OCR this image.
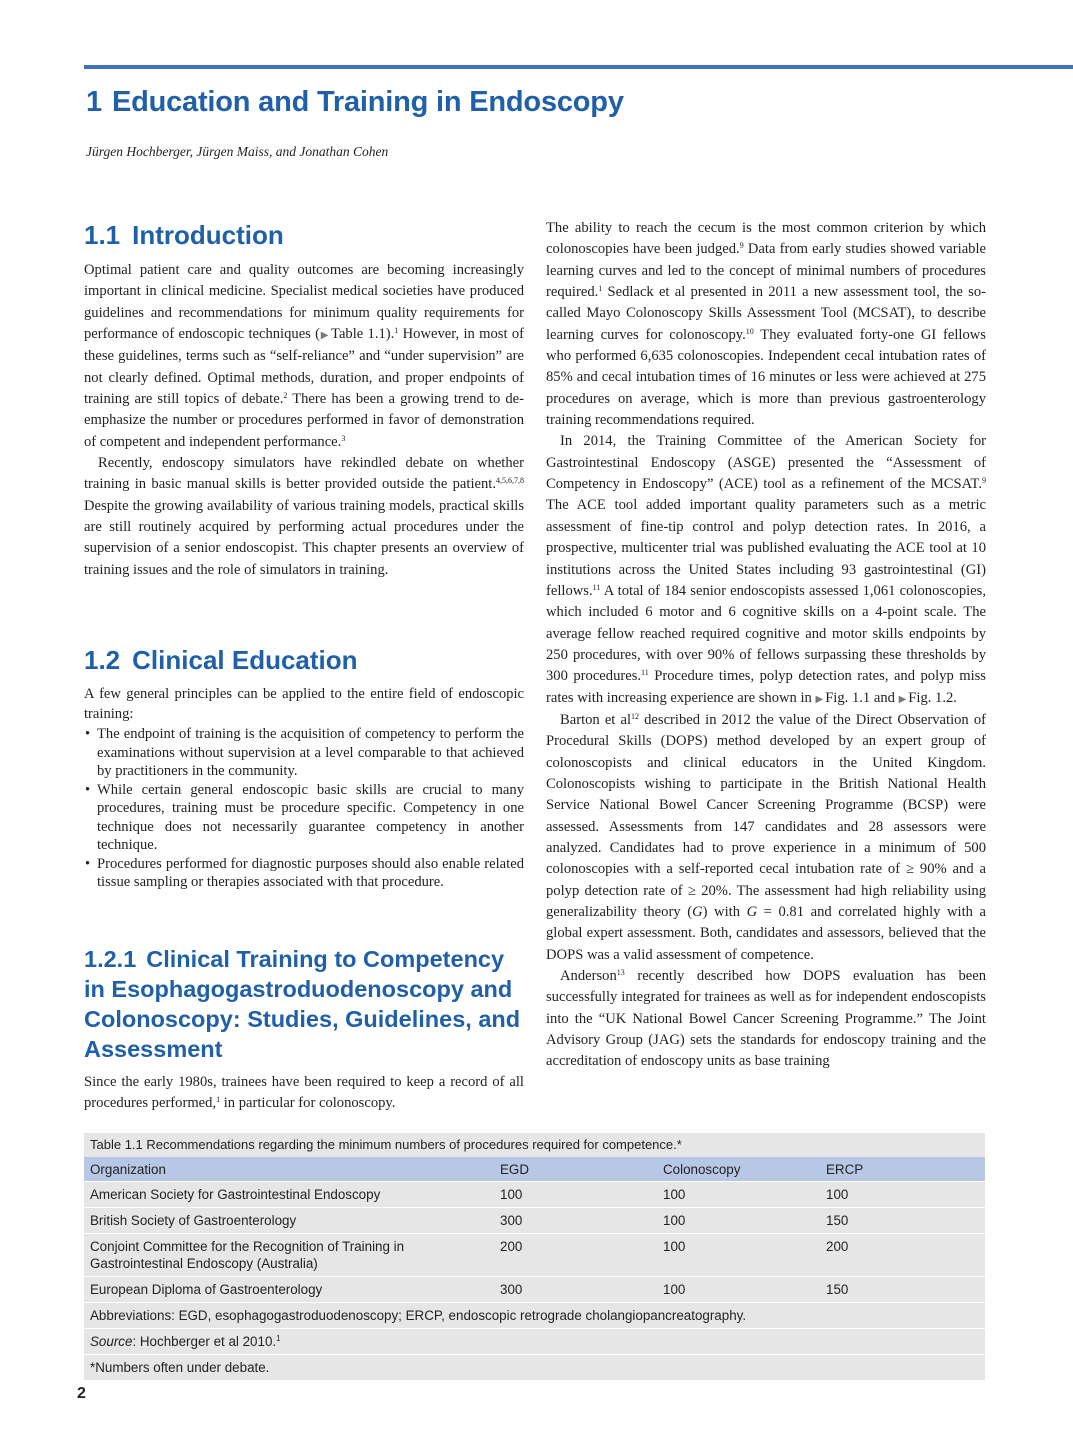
1 Education and Training in Endoscopy
Jürgen Hochberger, Jürgen Maiss, and Jonathan Cohen
1.1 Introduction

Optimal patient care and quality outcomes are becoming increasingly important in clinical medicine. Specialist medical societies have produced guidelines and recommendations for minimum quality requirements for performance of endoscopic techniques (▶ Table 1.1).$^1$ However, in most of these guidelines, terms such as “self-reliance” and “under supervision” are not clearly defined. Optimal methods, duration, and proper endpoints of training are still topics of debate.$^2$ There has been a growing trend to de-emphasize the number or procedures performed in favor of demonstration of competent and independent performance.$^3$

Recently, endoscopy simulators have rekindled debate on whether training in basic manual skills is better provided outside the patient.$^{4,5,6,7,8}$ Despite the growing availability of various training models, practical skills are still routinely acquired by performing actual procedures under the supervision of a senior endoscopist. This chapter presents an overview of training issues and the role of simulators in training.

1.2 Clinical Education

A few general principles can be applied to the entire field of endoscopic training:

• The endpoint of training is the acquisition of competency to perform the examinations without supervision at a level comparable to that achieved by practitioners in the community.
• While certain general endoscopic basic skills are crucial to many procedures, training must be procedure specific. Competency in one technique does not necessarily guarantee competency in another technique.
• Procedures performed for diagnostic purposes should also enable related tissue sampling or therapies associated with that procedure.
1.2.1 Clinical Training to Competency in Esophagogastroduodenoscopy and Colonoscopy: Studies, Guidelines, and Assessment

Since the early 1980s, trainees have been required to keep a record of all procedures performed,$^1$ in particular for colonoscopy.

The ability to reach the cecum is the most common criterion by which colonoscopies have been judged.$^9$ Data from early studies showed variable learning curves and led to the concept of minimal numbers of procedures required.$^1$ Sedlack et al presented in 2011 a new assessment tool, the so-called Mayo Colonoscopy Skills Assessment Tool (MCSAT), to describe learning curves for colonoscopy.$^{10}$ They evaluated forty-one GI fellows who performed 6,635 colonoscopies. Independent cecal intubation rates of 85% and cecal intubation times of 16 minutes or less were achieved at 275 procedures on average, which is more than previous gastroenterology training recommendations required.

In 2014, the Training Committee of the American Society for Gastrointestinal Endoscopy (ASGE) presented the “Assessment of Competency in Endoscopy” (ACE) tool as a refinement of the MCSAT.$^9$ The ACE tool added important quality parameters such as a metric assessment of fine-tip control and polyp detection rates. In 2016, a prospective, multicenter trial was published evaluating the ACE tool at 10 institutions across the United States including 93 gastrointestinal (GI) fellows.$^{11}$ A total of 184 senior endoscopists assessed 1,061 colonoscopies, which included 6 motor and 6 cognitive skills on a 4-point scale. The average fellow reached required cognitive and motor skills endpoints by 250 procedures, with over 90% of fellows surpassing these thresholds by 300 procedures.$^{11}$ Procedure times, polyp detection rates, and polyp miss rates with increasing experience are shown in ▶ Fig. 1.1 and ▶ Fig. 1.2.

Barton et $al^{12}$ described in 2012 the value of the Direct Observation of Procedural Skills (DOPS) method developed by an expert group of colonoscopists and clinical educators in the United Kingdom. Colonoscopists wishing to participate in the British National Health Service National Bowel Cancer Screening Programme (BCSP) were assessed. Assessments from 147 candidates and 28 assessors were analyzed. Candidates had to prove experience in a minimum of 500 colonoscopies with a self-reported cecal intubation rate of ≥ 90% and a polyp detection rate of ≥ 20%. The assessment had high reliability using generalizability theory (G) with G = 0.81 and correlated highly with a global expert assessment. Both, candidates and assessors, believed that the DOPS was a valid assessment of competence.

Anderson$^{13}$ recently described how DOPS evaluation has been successfully integrated for trainees as well as for independent endoscopists into the “UK National Bowel Cancer Screening Programme.” The Joint Advisory Group (JAG) sets the standards for endoscopy training and the accreditation of endoscopy units as base training

Table 1.1 Recommendations regarding the minimum numbers of procedures required for competence.*
Organization	EGD	Colonoscopy	ERCP
American Society for Gastrointestinal Endoscopy	100	100	100
British Society of Gastroenterology	300	100	150
Conjoint Committee for the Recognition of Training in Gastrointestinal Endoscopy (Australia)	200	100	200
European Diploma of Gastroenterology	300	100	150
Abbreviations: EGD, esophagogastroduodenoscopy; ERCP, endoscopic retrograde cholangiopancreatography.
Source: Hochberger et al 2010.$^1$
*Numbers often under debate.
2
